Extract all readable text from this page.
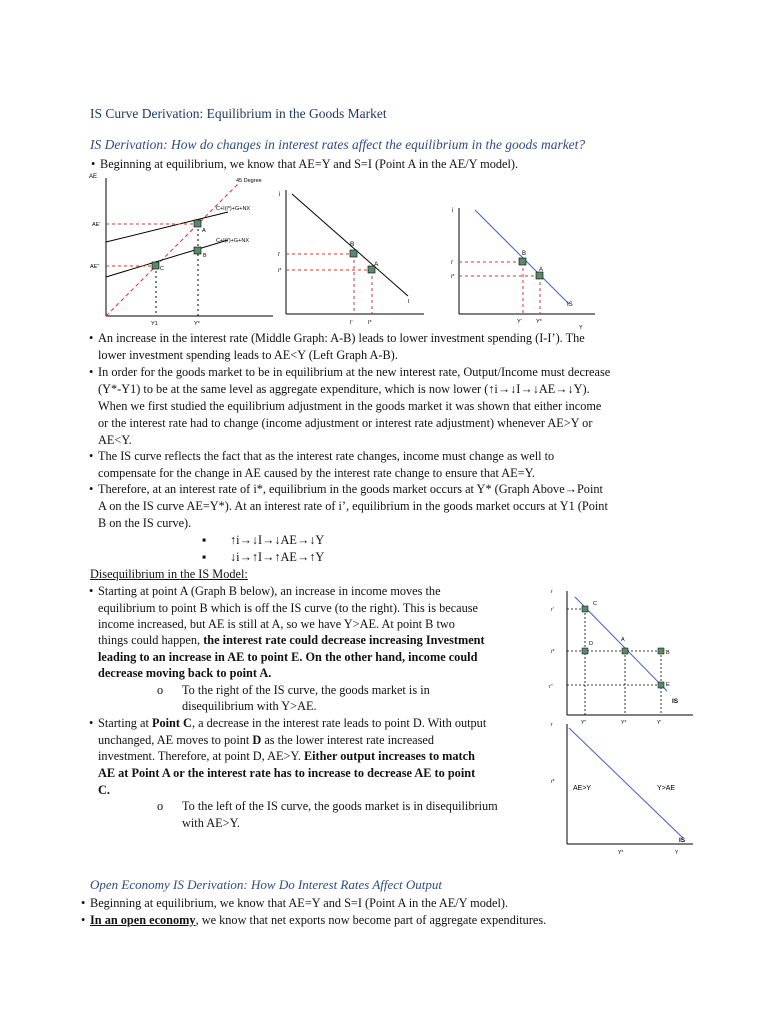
IS Curve Derivation: Equilibrium in the Goods Market
IS Derivation: How do changes in interest rates affect the equilibrium in the goods market?
• Beginning at equilibrium, we know that AE=Y and S=I (Point A in the AE/Y model).
AE
45 Degree
C+I(i*)+G+NX
C+I(i')+G+NX
AE'
AE''
A
B
C
Y1	Y*
i
i'
i*
B
A
I
I'	I*
i
i'
i*
B
A
IS
Y'	Y*
Y
• An increase in the interest rate (Middle Graph: A-B) leads to lower investment spending (I-I’). The
lower investment spending leads to AE<Y (Left Graph A-B).
• In order for the goods market to be in equilibrium at the new interest rate, Output/Income must decrease
(Y*-Y1) to be at the same level as aggregate expenditure, which is now lower (↑i→↓I→↓AE→↓Y).
When we first studied the equilibrium adjustment in the goods market it was shown that either income
or the interest rate had to change (income adjustment or interest rate adjustment) whenever AE>Y or
AE<Y.
• The IS curve reflects the fact that as the interest rate changes, income must change as well to
compensate for the change in AE caused by the interest rate change to ensure that AE=Y.
• Therefore, at an interest rate of i*, equilibrium in the goods market occurs at Y* (Graph Above→Point
A on the IS curve AE=Y*). At an interest rate of i’, equilibrium in the goods market occurs at Y1 (Point
B on the IS curve).
▪ ↑i→↓I→↓AE→↓Y
▪ ↓i→↑I→↑AE→↑Y
Disequilibrium in the IS Model:
• Starting at point A (Graph B below), an increase in income moves the
equilibrium to point B which is off the IS curve (to the right). This is because
income increased, but AE is still at A, so we have Y>AE. At point B two
things could happen, the interest rate could decrease increasing Investment
leading to an increase in AE to point E. On the other hand, income could
decrease moving back to point A.
o To the right of the IS curve, the goods market is in
disequilibrium with Y>AE.
• Starting at Point C, a decrease in the interest rate leads to point D. With output
unchanged, AE moves to point D as the lower interest rate increased
investment. Therefore, at point D, AE>Y. Either output increases to match
AE at Point A or the interest rate has to increase to decrease AE to point
C.
o To the left of the IS curve, the goods market is in disequilibrium
with AE>Y.
r
r'
r*
r''
C
D
A
B
E
IS
Y''	Y*	Y'
r
r*
AE>Y	Y>AE
IS
Y*	Y
Open Economy IS Derivation: How Do Interest Rates Affect Output
• Beginning at equilibrium, we know that AE=Y and S=I (Point A in the AE/Y model).
• In an open economy, we know that net exports now become part of aggregate expenditures.
